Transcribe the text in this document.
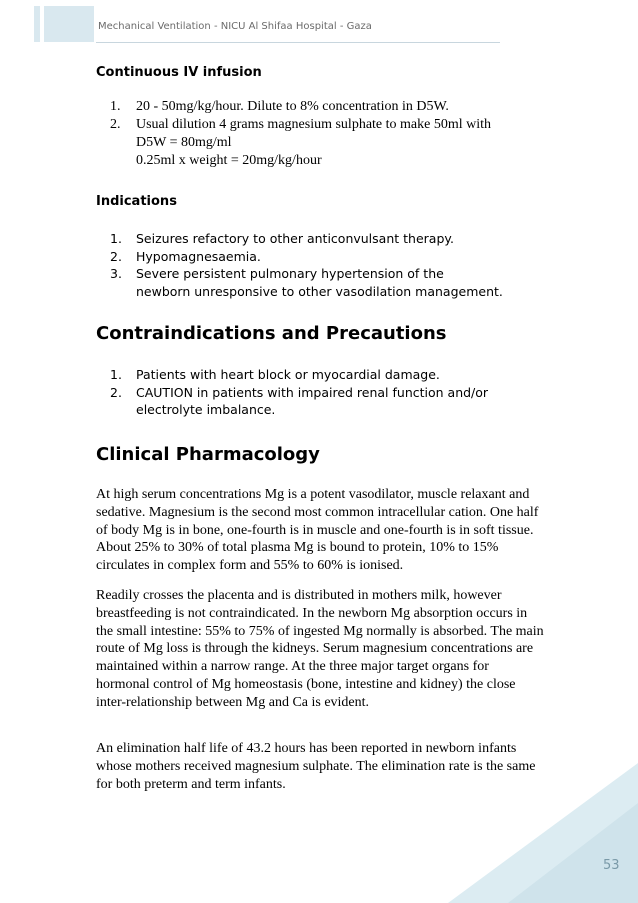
Mechanical Ventilation - NICU Al Shifaa Hospital - Gaza
Continuous IV infusion
1. 20 - 50mg/kg/hour. Dilute to 8% concentration in D5W.
2. Usual dilution 4 grams magnesium sulphate to make 50ml with
D5W = 80mg/ml
0.25ml x weight = 20mg/kg/hour
Indications
1. Seizures refactory to other anticonvulsant therapy.
2. Hypomagnesaemia.
3. Severe persistent pulmonary hypertension of the
newborn unresponsive to other vasodilation management.
Contraindications and Precautions
1. Patients with heart block or myocardial damage.
2. CAUTION in patients with impaired renal function and/or
electrolyte imbalance.
Clinical Pharmacology

At high serum concentrations Mg is a potent vasodilator, muscle relaxant and sedative. Magnesium is the second most common intracellular cation. One half of body Mg is in bone, one-fourth is in muscle and one-fourth is in soft tissue. About 25% to 30% of total plasma Mg is bound to protein, 10% to 15% circulates in complex form and 55% to 60% is ionised.

Readily crosses the placenta and is distributed in mothers milk, however breastfeeding is not contraindicated. In the newborn Mg absorption occurs in the small intestine: 55% to 75% of ingested Mg normally is absorbed. The main route of Mg loss is through the kidneys. Serum magnesium concentrations are maintained within a narrow range. At the three major target organs for hormonal control of Mg homeostasis (bone, intestine and kidney) the close inter-relationship between Mg and Ca is evident.

An elimination half life of 43.2 hours has been reported in newborn infants whose mothers received magnesium sulphate. The elimination rate is the same for both preterm and term infants.

53
